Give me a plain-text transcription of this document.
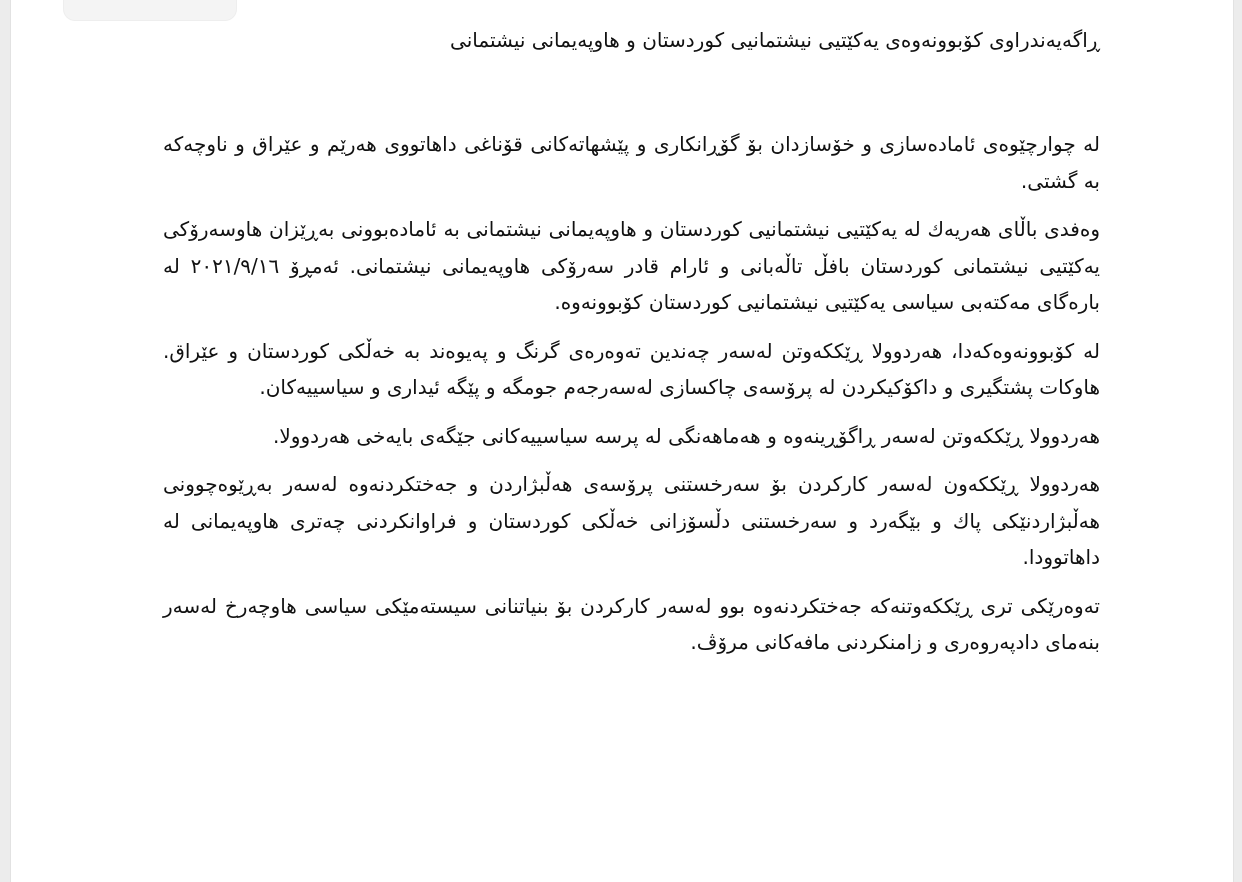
ڕاگەیەندراوی كۆبوونەوەی یەكێتیی نیشتمانیی كوردستان و هاوپەیمانی نیشتمانی

لە چوارچێوەی ئامادەسازی و خۆسازدان بۆ گۆڕانكاری و پێشهاتەكانی قۆناغی داهاتووی هەرێم و عێراق و ناوچەكە بە گشتی.

وەفدی باڵای هەریەك لە یەكێتیی نیشتمانیی كوردستان و هاوپەیمانی نیشتمانی بە ئامادەبوونی بەڕێزان هاوسەرۆكی یەكێتیی نیشتمانی كوردستان بافڵ تاڵەبانی و ئارام قادر سەرۆكی هاوپەیمانی نیشتمانی. ئەمڕۆ ٢٠٢١/٩/١٦ لە بارەگای مەكتەبی سیاسی یەكێتیی نیشتمانیی كوردستان كۆبوونەوە.

لە كۆبوونەوەكەدا، هەردوولا ڕێككەوتن لەسەر چەندین تەوەرەی گرنگ و پەیوەند بە خەڵكی كوردستان و عێراق. هاوكات پشتگیری و داكۆكیكردن لە پرۆسەی چاكسازی لەسەرجەم جومگە و پێگە ئیداری و سیاسییەكان.

هەردوولا ڕێككەوتن لەسەر ڕاگۆڕینەوە و هەماهەنگی لە پرسە سیاسییەكانی جێگەی بایەخی هەردوولا.

هەردوولا ڕێككەون لەسەر كاركردن بۆ سەرخستنی پرۆسەی هەڵبژاردن و جەختكردنەوە لەسەر بەڕێوەچوونی هەڵبژاردنێكی پاك و بێگەرد و سەرخستنی دڵسۆزانی خەڵكی كوردستان و فراوانكردنی چەتری هاوپەیمانی لە داهاتوودا.

تەوەرێكی تری ڕێككەوتنەكە جەختكردنەوە بوو لەسەر كاركردن بۆ بنیاتنانی سیستەمێكی سیاسی هاوچەرخ لەسەر بنەمای دادپەروەری و زامنكردنی مافەكانی مرۆڤ.
